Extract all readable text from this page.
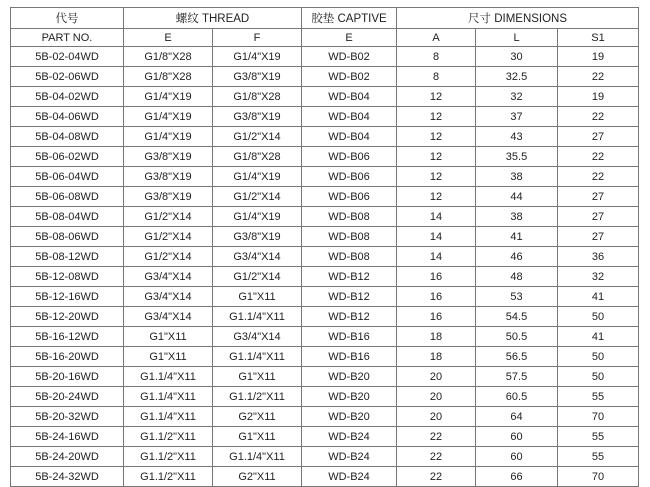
代号	螺纹 THREAD		胶垫 CAPTIVE	尺寸 DIMENSIONS		
PART NO.	E	F	E	A	L	S1
5B-02-04WD	G1/8"X28	G1/4"X19	WD-B02	8	30	19
5B-02-06WD	G1/8"X28	G3/8"X19	WD-B02	8	32.5	22
5B-04-02WD	G1/4"X19	G1/8"X28	WD-B04	12	32	19
5B-04-06WD	G1/4"X19	G3/8"X19	WD-B04	12	37	22
5B-04-08WD	G1/4"X19	G1/2"X14	WD-B04	12	43	27
5B-06-02WD	G3/8"X19	G1/8"X28	WD-B06	12	35.5	22
5B-06-04WD	G3/8"X19	G1/4"X19	WD-B06	12	38	22
5B-06-08WD	G3/8"X19	G1/2"X14	WD-B06	12	44	27
5B-08-04WD	G1/2"X14	G1/4"X19	WD-B08	14	38	27
5B-08-06WD	G1/2"X14	G3/8"X19	WD-B08	14	41	27
5B-08-12WD	G1/2"X14	G3/4"X14	WD-B08	14	46	36
5B-12-08WD	G3/4"X14	G1/2"X14	WD-B12	16	48	32
5B-12-16WD	G3/4"X14	G1"X11	WD-B12	16	53	41
5B-12-20WD	G3/4"X14	G1.1/4"X11	WD-B12	16	54.5	50
5B-16-12WD	G1"X11	G3/4"X14	WD-B16	18	50.5	41
5B-16-20WD	G1"X11	G1.1/4"X11	WD-B16	18	56.5	50
5B-20-16WD	G1.1/4"X11	G1"X11	WD-B20	20	57.5	50
5B-20-24WD	G1.1/4"X11	G1.1/2"X11	WD-B20	20	60.5	55
5B-20-32WD	G1.1/4"X11	G2"X11	WD-B20	20	64	70
5B-24-16WD	G1.1/2"X11	G1"X11	WD-B24	22	60	55
5B-24-20WD	G1.1/2"X11	G1.1/4"X11	WD-B24	22	60	55
5B-24-32WD	G1.1/2"X11	G2"X11	WD-B24	22	66	70
